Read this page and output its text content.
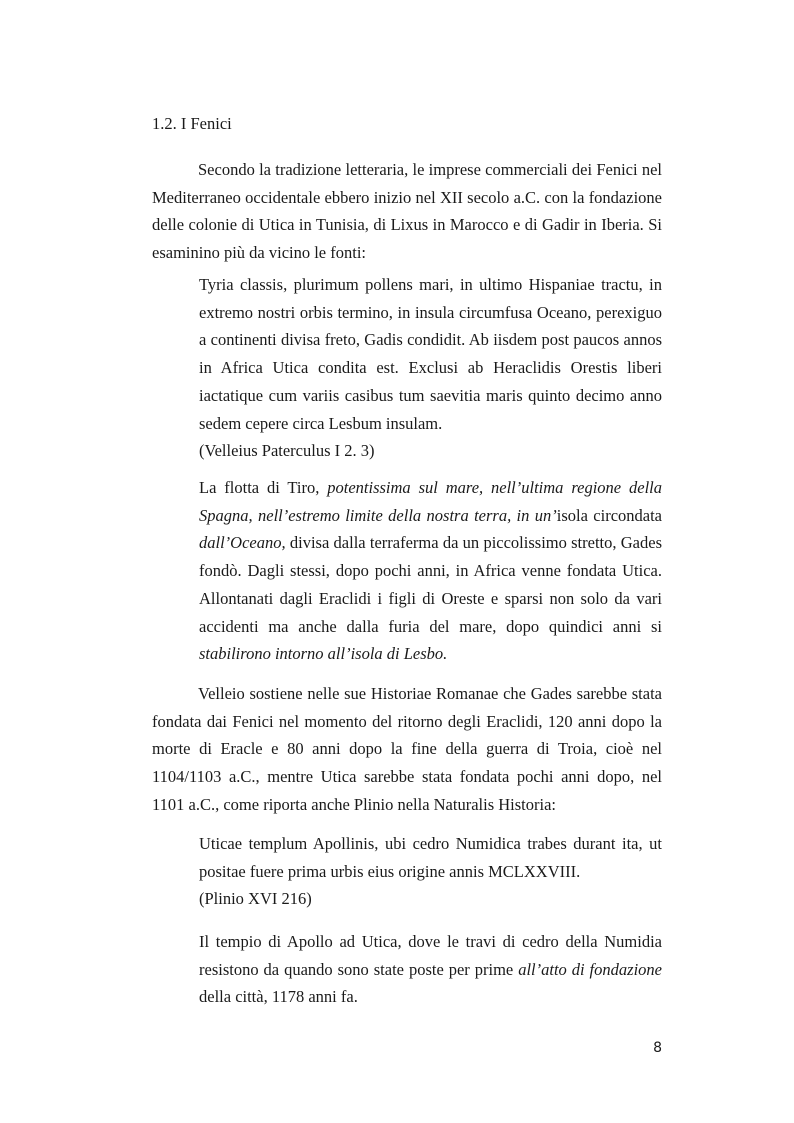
1.2. I Fenici

Secondo la tradizione letteraria, le imprese commerciali dei Fenici nel Mediterraneo occidentale ebbero inizio nel XII secolo a.C. con la fondazione delle colonie di Utica in Tunisia, di Lixus in Marocco e di Gadir in Iberia. Si esaminino più da vicino le fonti:

Tyria classis, plurimum pollens mari, in ultimo Hispaniae tractu, in extremo nostri orbis termino, in insula circumfusa Oceano, perexiguo a continenti divisa freto, Gadis condidit. Ab iisdem post paucos annos in Africa Utica condita est. Exclusi ab Heraclidis Orestis liberi iactatique cum variis casibus tum saevitia maris quinto decimo anno sedem cepere circa Lesbum insulam.
(Velleius Paterculus I 2. 3)

La flotta di Tiro, potentissima sul mare, nell’ultima regione della Spagna, nell’estremo limite della nostra terra, in un’isola circondata dall’Oceano, divisa dalla terraferma da un piccolissimo stretto, Gades fondò. Dagli stessi, dopo pochi anni, in Africa venne fondata Utica. Allontanati dagli Eraclidi i figli di Oreste e sparsi non solo da vari accidenti ma anche dalla furia del mare, dopo quindici anni si stabilirono intorno all’isola di Lesbo.

Velleio sostiene nelle sue Historiae Romanae che Gades sarebbe stata fondata dai Fenici nel momento del ritorno degli Eraclidi, 120 anni dopo la morte di Eracle e 80 anni dopo la fine della guerra di Troia, cioè nel 1104/1103 a.C., mentre Utica sarebbe stata fondata pochi anni dopo, nel 1101 a.C., come riporta anche Plinio nella Naturalis Historia:

Uticae templum Apollinis, ubi cedro Numidica trabes durant ita, ut positae fuere prima urbis eius origine annis MCLXXVIII.
(Plinio XVI 216)

Il tempio di Apollo ad Utica, dove le travi di cedro della Numidia resistono da quando sono state poste per prime all’atto di fondazione della città, 1178 anni fa.

8
